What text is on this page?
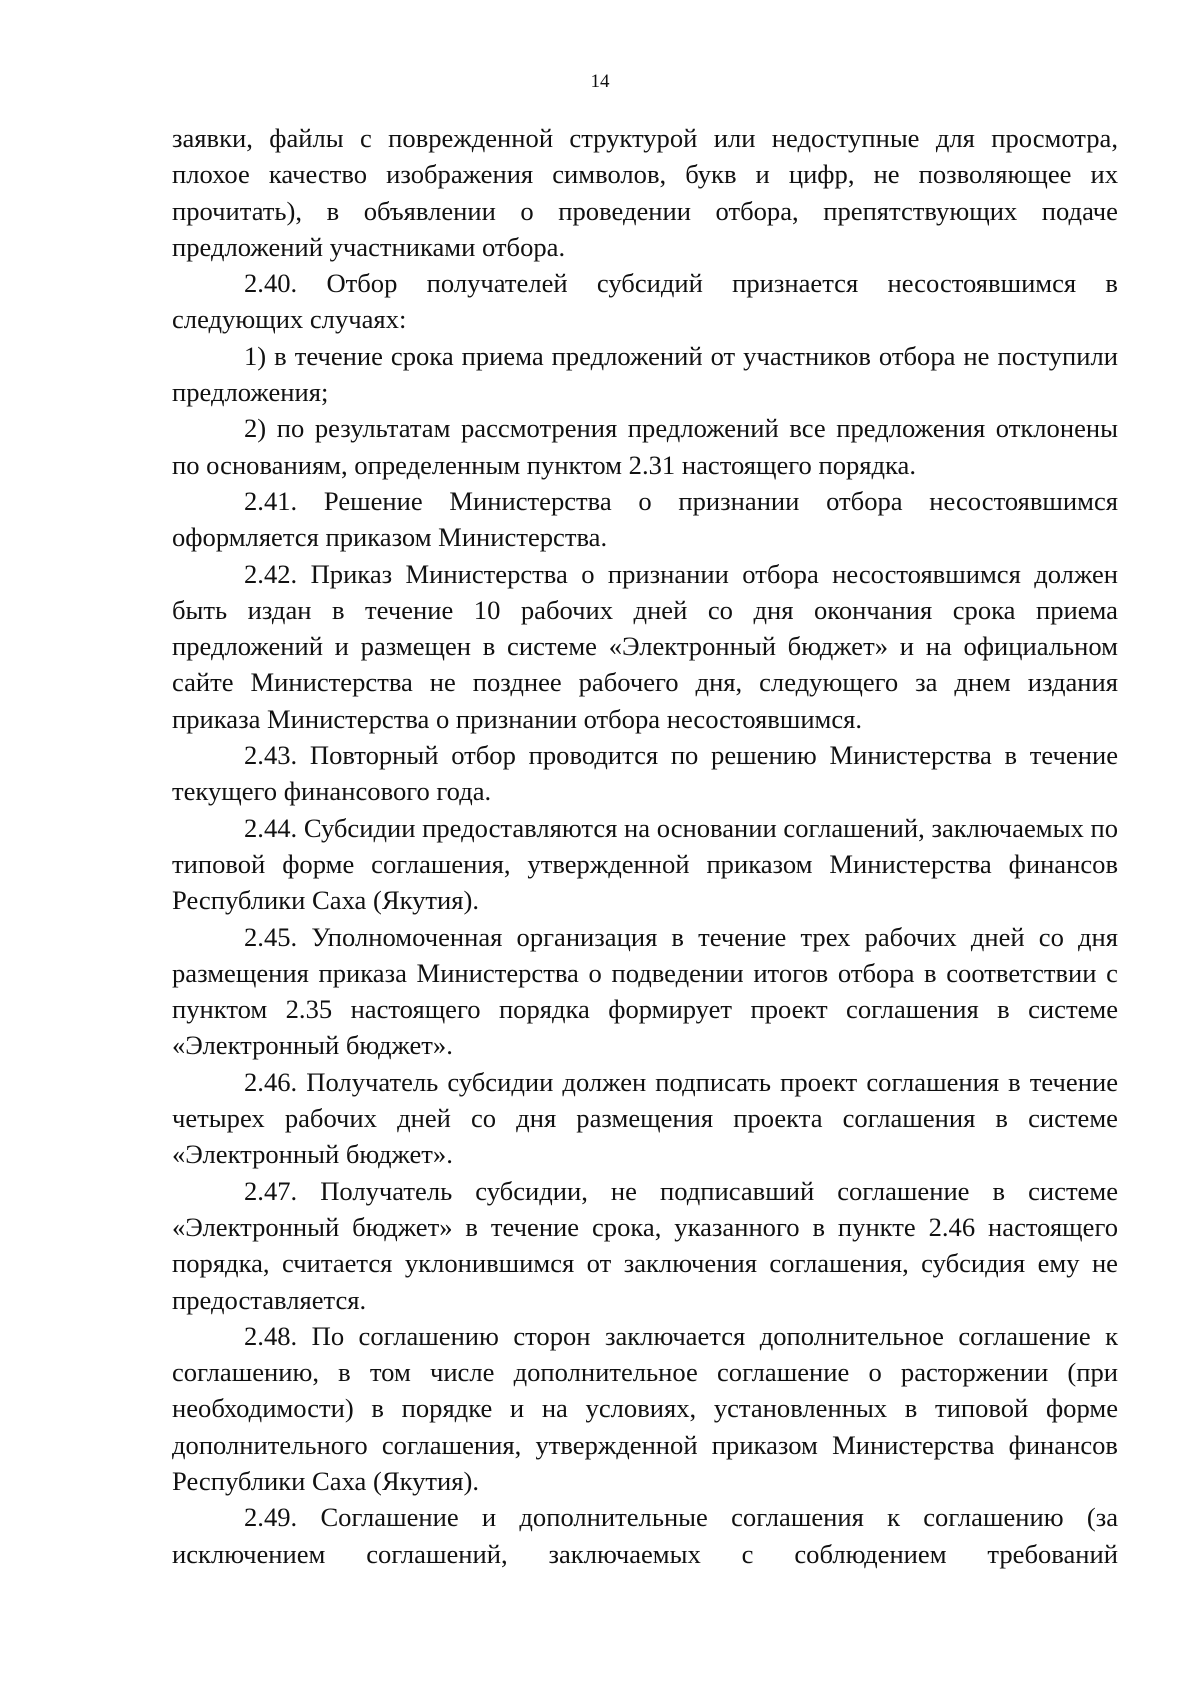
14

заявки, файлы с поврежденной структурой или недоступные для просмотра, плохое качество изображения символов, букв и цифр, не позволяющее их прочитать), в объявлении о проведении отбора, препятствующих подаче предложений участниками отбора.

2.40. Отбор получателей субсидий признается несостоявшимся в следующих случаях:

1) в течение срока приема предложений от участников отбора не поступили предложения;

2) по результатам рассмотрения предложений все предложения отклонены по основаниям, определенным пунктом 2.31 настоящего порядка.

2.41. Решение Министерства о признании отбора несостоявшимся оформляется приказом Министерства.

2.42. Приказ Министерства о признании отбора несостоявшимся должен быть издан в течение 10 рабочих дней со дня окончания срока приема предложений и размещен в системе «Электронный бюджет» и на официальном сайте Министерства не позднее рабочего дня, следующего за днем издания приказа Министерства о признании отбора несостоявшимся.

2.43. Повторный отбор проводится по решению Министерства в течение текущего финансового года.

2.44. Субсидии предоставляются на основании соглашений, заключаемых по типовой форме соглашения, утвержденной приказом Министерства финансов Республики Саха (Якутия).

2.45. Уполномоченная организация в течение трех рабочих дней со дня размещения приказа Министерства о подведении итогов отбора в соответствии с пунктом 2.35 настоящего порядка формирует проект соглашения в системе «Электронный бюджет».

2.46. Получатель субсидии должен подписать проект соглашения в течение четырех рабочих дней со дня размещения проекта соглашения в системе «Электронный бюджет».

2.47. Получатель субсидии, не подписавший соглашение в системе «Электронный бюджет» в течение срока, указанного в пункте 2.46 настоящего порядка, считается уклонившимся от заключения соглашения, субсидия ему не предоставляется.

2.48. По соглашению сторон заключается дополнительное соглашение к соглашению, в том числе дополнительное соглашение о расторжении (при необходимости) в порядке и на условиях, установленных в типовой форме дополнительного соглашения, утвержденной приказом Министерства финансов Республики Саха (Якутия).

2.49. Соглашение и дополнительные соглашения к соглашению (за исключением соглашений, заключаемых с соблюдением требований
